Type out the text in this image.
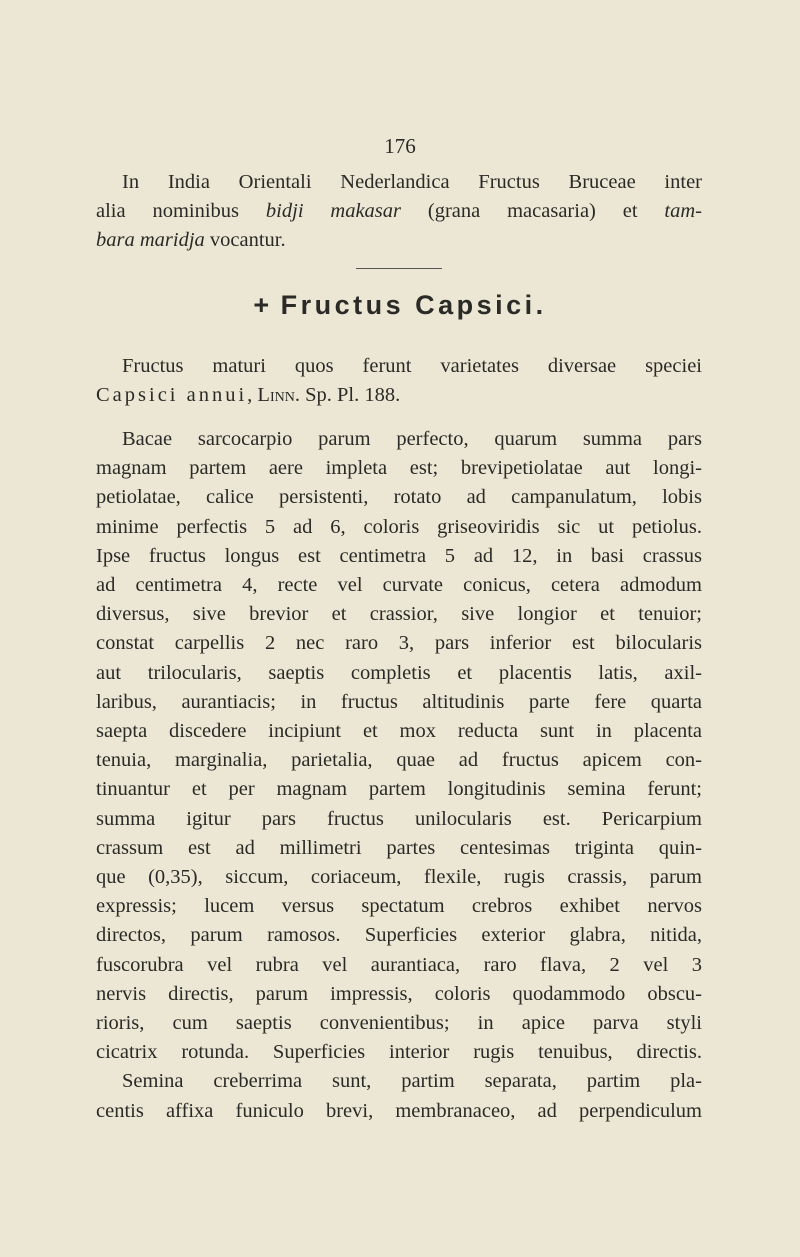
176
In India Orientali Nederlandica Fructus Bruceae inter
alia nominibus bidji makasar (grana macasaria) et tam-
bara maridja vocantur.
+ Fructus Capsici.
Fructus maturi quos ferunt varietates diversae speciei
Capsici annui, Linn. Sp. Pl. 188.
Bacae sarcocarpio parum perfecto, quarum summa pars
magnam partem aere impleta est; brevipetiolatae aut longi-
petiolatae, calice persistenti, rotato ad campanulatum, lobis
minime perfectis 5 ad 6, coloris griseoviridis sic ut petiolus.
Ipse fructus longus est centimetra 5 ad 12, in basi crassus
ad centimetra 4, recte vel curvate conicus, cetera admodum
diversus, sive brevior et crassior, sive longior et tenuior;
constat carpellis 2 nec raro 3, pars inferior est bilocularis
aut trilocularis, saeptis completis et placentis latis, axil-
laribus, aurantiacis; in fructus altitudinis parte fere quarta
saepta discedere incipiunt et mox reducta sunt in placenta
tenuia, marginalia, parietalia, quae ad fructus apicem con-
tinuantur et per magnam partem longitudinis semina ferunt;
summa igitur pars fructus unilocularis est. Pericarpium
crassum est ad millimetri partes centesimas triginta quin-
que (0,35), siccum, coriaceum, flexile, rugis crassis, parum
expressis; lucem versus spectatum crebros exhibet nervos
directos, parum ramosos. Superficies exterior glabra, nitida,
fuscorubra vel rubra vel aurantiaca, raro flava, 2 vel 3
nervis directis, parum impressis, coloris quodammodo obscu-
rioris, cum saeptis convenientibus; in apice parva styli
cicatrix rotunda. Superficies interior rugis tenuibus, directis.
Semina creberrima sunt, partim separata, partim pla-
centis affixa funiculo brevi, membranaceo, ad perpendiculum
